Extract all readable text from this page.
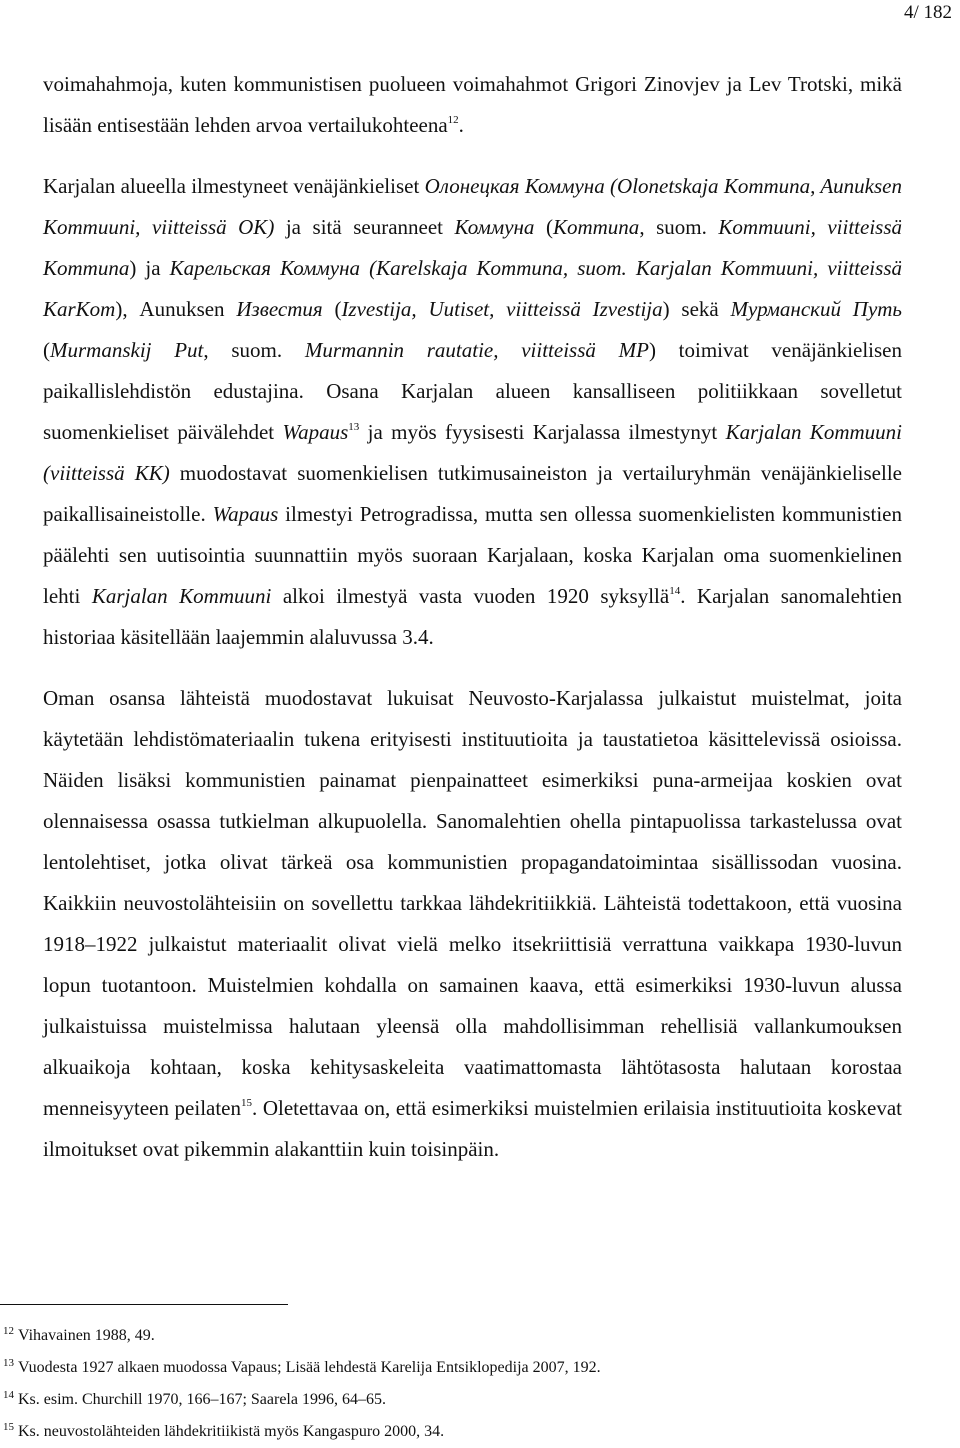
4/ 182

voimahahmoja, kuten kommunistisen puolueen voimahahmot Grigori Zinovjev ja Lev Trotski, mikä lisään entisestään lehden arvoa vertailukohteena$^{12}$.

Karjalan alueella ilmestyneet venäjänkieliset Олонецкая Коммуна (Olonetskaja Kommuna, Aunuksen Kommuuni, viitteissä OK) ja sitä seuranneet Коммуна (Kommuna, suom. Kommuuni, viitteissä Kommuna) ja Карельская Коммуна (Karelskaja Kommuna, suom. Karjalan Kommuuni, viitteissä KarKom), Aunuksen Известия (Izvestija, Uutiset, viitteissä Izvestija) sekä Мурманский Путь (Murmanskij Put, suom. Murmannin rautatie, viitteissä MP) toimivat venäjänkielisen paikallislehdistön edustajina. Osana Karjalan alueen kansalliseen politiikkaan sovelletut suomenkieliset päivälehdet Wapaus$^{13}$ ja myös fyysisesti Karjalassa ilmestynyt Karjalan Kommuuni (viitteissä KK) muodostavat suomenkielisen tutkimusaineiston ja vertailuryhmän venäjänkieliselle paikallisaineistolle. Wapaus ilmestyi Petrogradissa, mutta sen ollessa suomenkielisten kommunistien päälehti sen uutisointia suunnattiin myös suoraan Karjalaan, koska Karjalan oma suomenkielinen lehti Karjalan Kommuuni alkoi ilmestyä vasta vuoden 1920 syksyllä$^{14}$. Karjalan sanomalehtien historiaa käsitellään laajemmin alaluvussa 3.4.

Oman osansa lähteistä muodostavat lukuisat Neuvosto-Karjalassa julkaistut muistelmat, joita käytetään lehdistömateriaalin tukena erityisesti instituutioita ja taustatietoa käsittelevissä osioissa. Näiden lisäksi kommunistien painamat pienpainatteet esimerkiksi puna-armeijaa koskien ovat olennaisessa osassa tutkielman alkupuolella. Sanomalehtien ohella pintapuolissa tarkastelussa ovat lentolehtiset, jotka olivat tärkeä osa kommunistien propagandatoimintaa sisällissodan vuosina. Kaikkiin neuvostolähteisiin on sovellettu tarkkaa lähdekritiikkiä. Lähteistä todettakoon, että vuosina 1918–1922 julkaistut materiaalit olivat vielä melko itsekriittisiä verrattuna vaikkapa 1930-luvun lopun tuotantoon. Muistelmien kohdalla on samainen kaava, että esimerkiksi 1930-luvun alussa julkaistuissa muistelmissa halutaan yleensä olla mahdollisimman rehellisiä vallankumouksen alkuaikoja kohtaan, koska kehitysaskeleita vaatimattomasta lähtötasosta halutaan korostaa menneisyyteen peilaten$^{15}$. Oletettavaa on, että esimerkiksi muistelmien erilaisia instituutioita koskevat ilmoitukset ovat pikemmin alakanttiin kuin toisinpäin.

$^{12}$ Vihavainen 1988, 49.
$^{13}$ Vuodesta 1927 alkaen muodossa Vapaus; Lisää lehdestä Karelija Entsiklopedija 2007, 192.
$^{14}$ Ks. esim. Churchill 1970, 166–167; Saarela 1996, 64–65.
$^{15}$ Ks. neuvostolähteiden lähdekritiikistä myös Kangaspuro 2000, 34.
